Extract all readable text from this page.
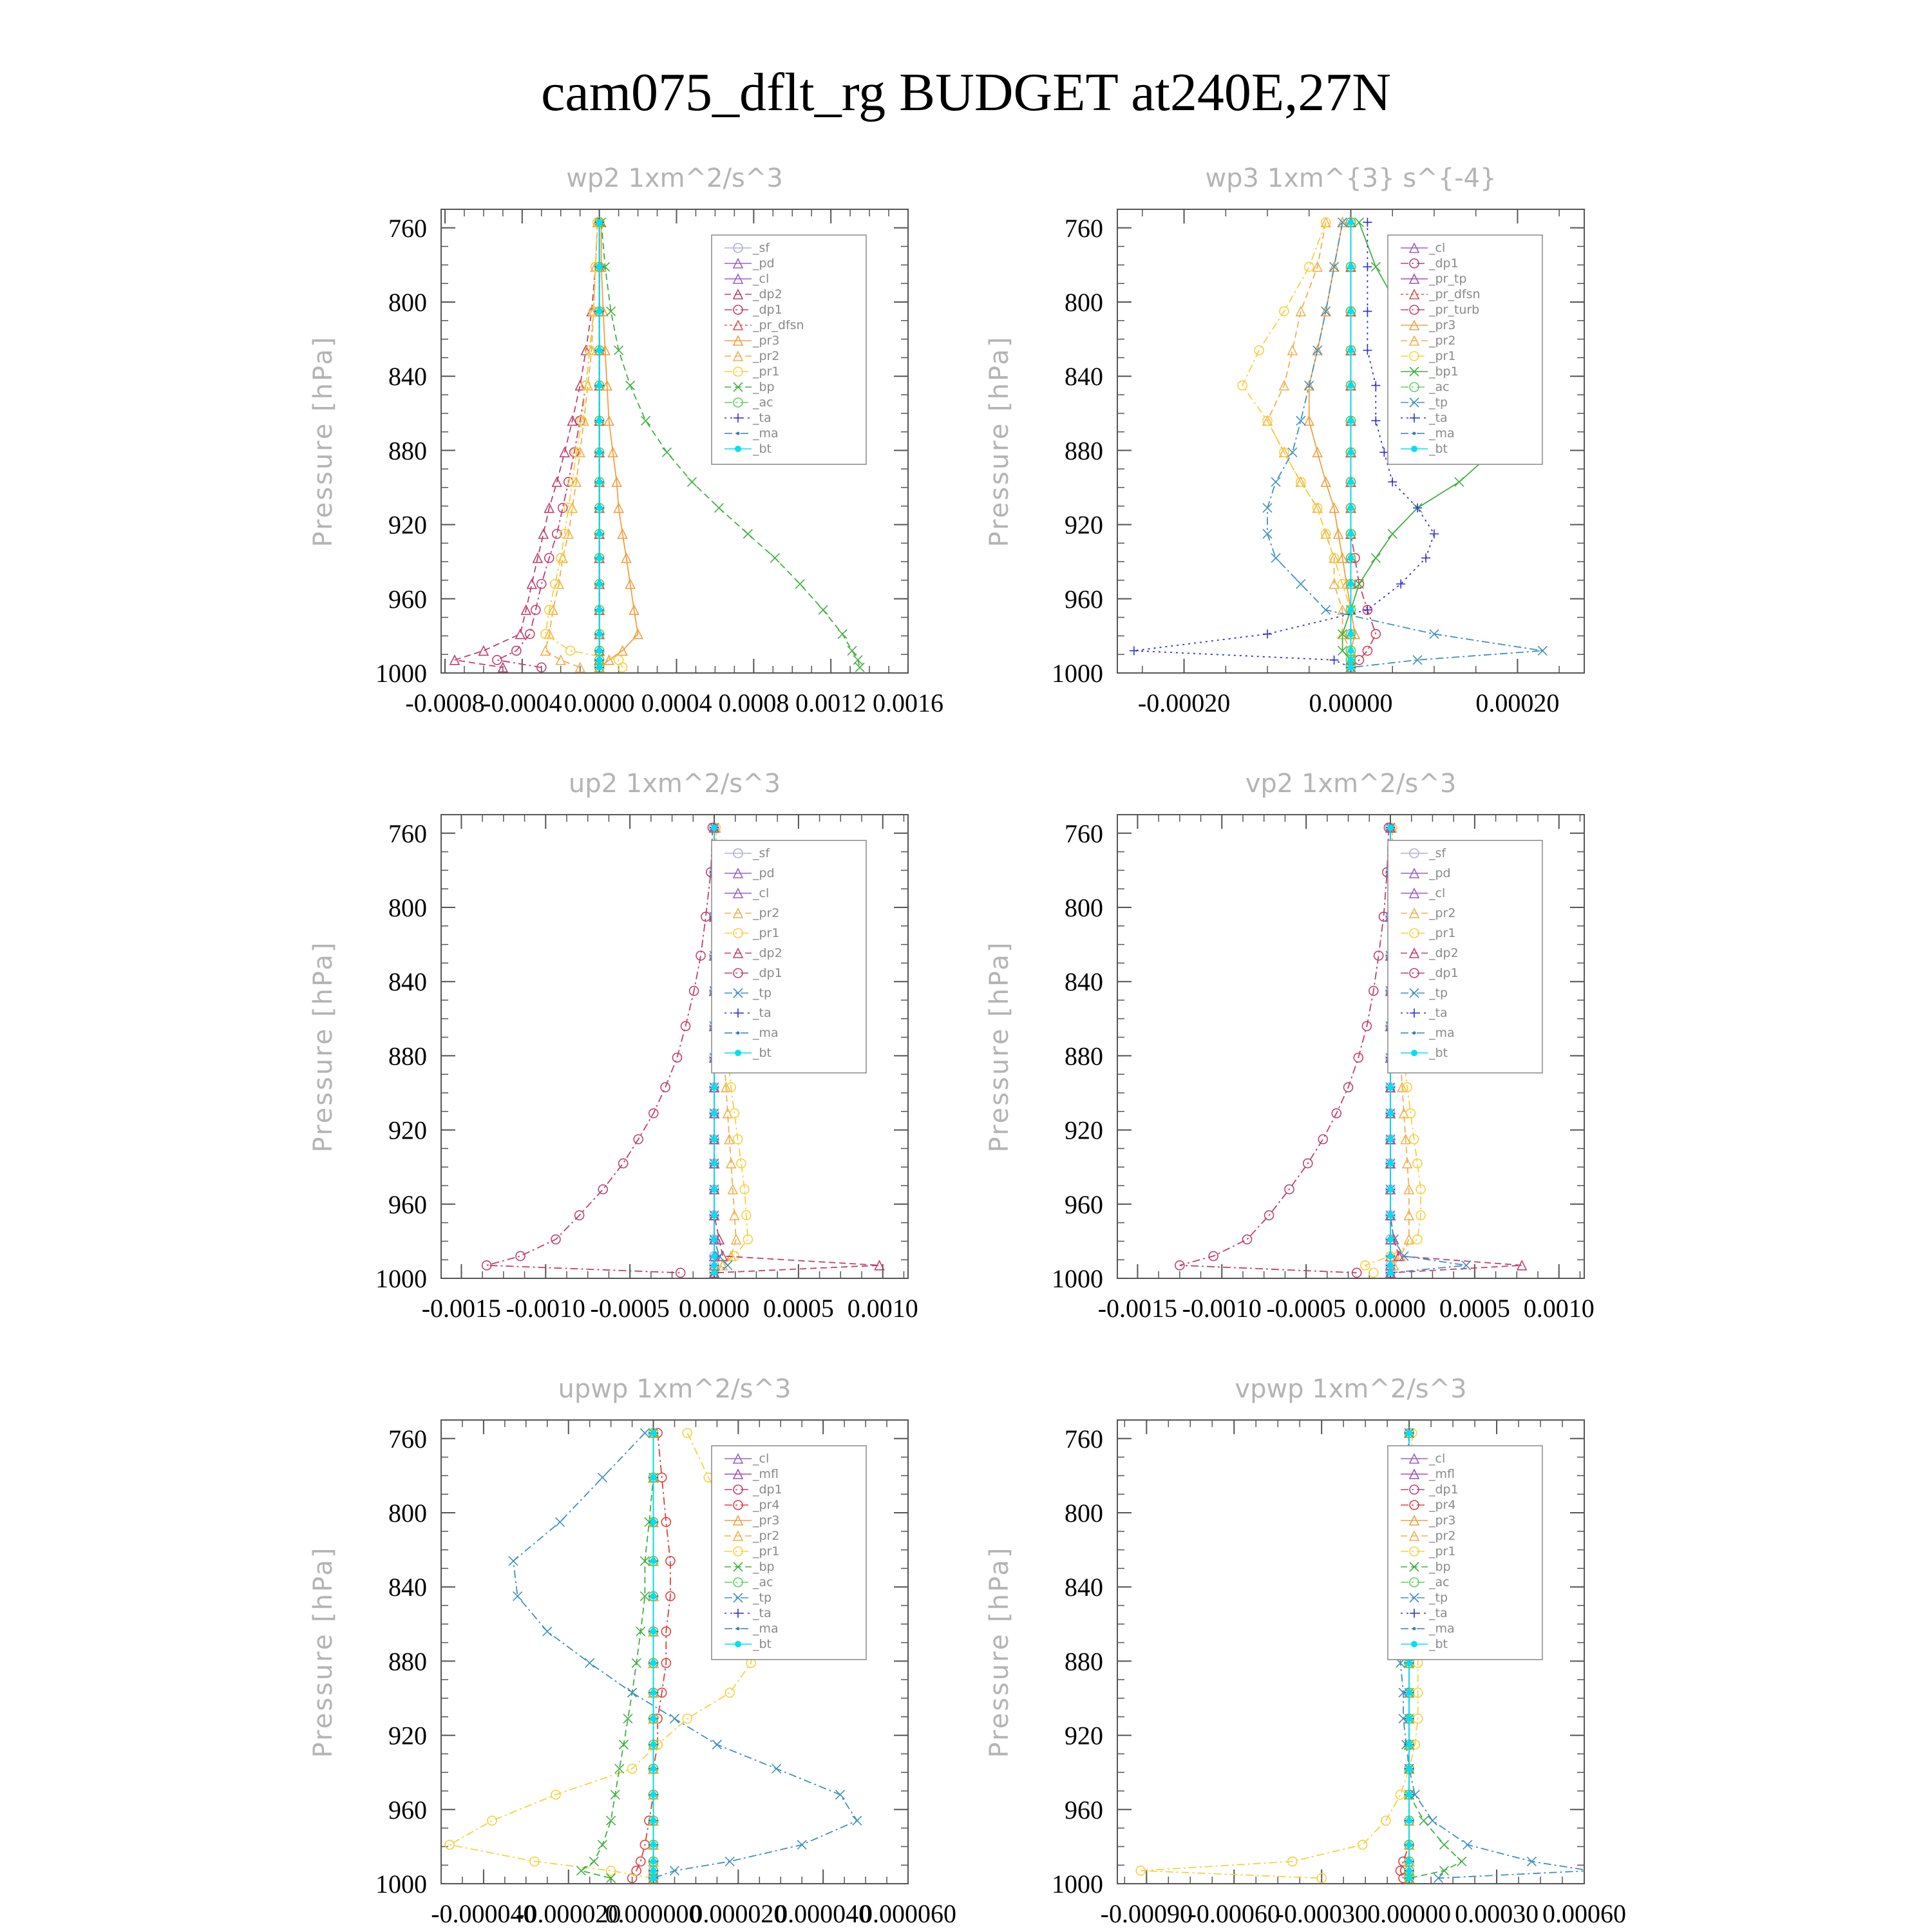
cam075_dflt_rg BUDGET at240E,27N
wp2 1xm^2/s^3
Pressure [hPa]
760
800
840
880
920
960
1000
-0.0008
-0.0004 0.0000 0.0004 0.0008 0.0012 0.0016
_sf
_pd
_cl
_dp2
_dp1
_pr_dfsn
_pr3
_pr2
_pr1
_bp
_ac
_ta
_ma
_bt
wp3 1xm^{3} s^{-4}
Pressure [hPa]
760
800
840
880
920
960
1000
-0.00020	0.00000	0.00020
_cl
_dp1
_pr_tp
_pr_dfsn
_pr_turb
_pr3
_pr2
_pr1
_bp1
_ac
_tp
_ta
_ma
_bt
up2 1xm^2/s^3
Pressure [hPa]
760
800
840
880
920
960
1000
-0.0015 -0.0010 -0.0005 0.0000 0.0005 0.0010
_sf
_pd
_cl
_pr2
_pr1
_dp2
_dp1
_tp
_ta
_ma
_bt
vp2 1xm^2/s^3
Pressure [hPa]
760
800
840
880
920
960
1000
-0.0015 -0.0010 -0.0005 0.0000 0.0005 0.0010
_sf
_pd
_cl
_pr2
_pr1
_dp2
_dp1
_tp
_ta
_ma
_bt
upwp 1xm^2/s^3
Pressure [hPa]
760
800
840
880
920
960
1000
-0.000040
-0.000020
0.000000
0.000020
0.000040
0.000060
_cl
_mfl
_dp1
_pr4
_pr3
_pr2
_pr1
_bp
_ac
_tp
_ta
_ma
_bt
vpwp 1xm^2/s^3
Pressure [hPa]
760
800
840
880
920
960
1000
-0.00090
-0.00060
-0.00030 0.00000 0.00030 0.00060
_cl
_mfl
_dp1
_pr4
_pr3
_pr2
_pr1
_bp
_ac
_tp
_ta
_ma
_bt
